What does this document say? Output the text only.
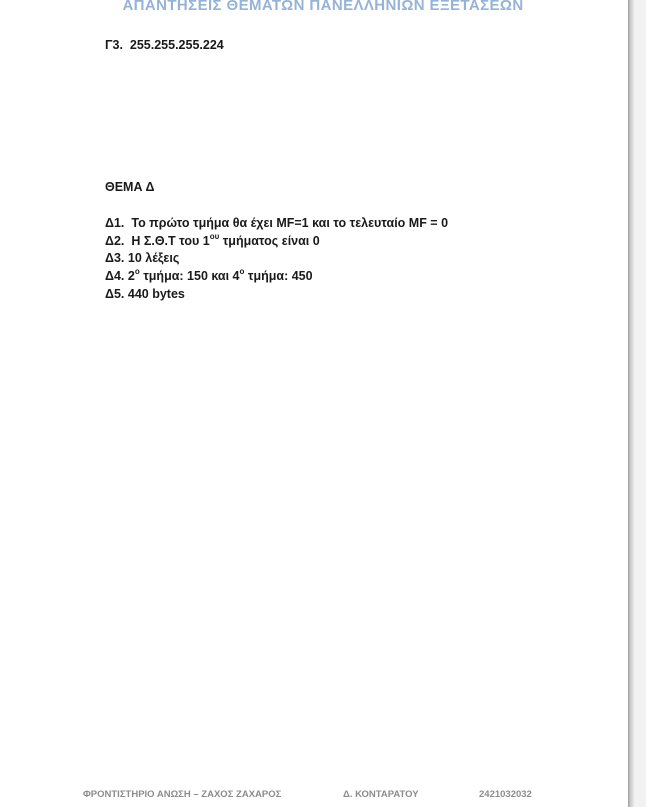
ΑΠΑΝΤΗΣΕΙΣ ΘΕΜΑΤΩΝ ΠΑΝΕΛΛΗΝΙΩΝ ΕΞΕΤΑΣΕΩΝ
Γ3.  255.255.255.224
ΘΕΜΑ Δ
Δ1.  Το πρώτο τμήμα θα έχει MF=1 και το τελευταίο MF = 0
Δ2.  Η Σ.Θ.Τ του $1^{o\upsilon}$ τμήματος είναι 0
Δ3. 10 λέξεις
Δ4. $2^o$ τμήμα: 150 και $4^o$ τμήμα: 450
Δ5. 440 bytes
ΦΡΟΝΤΙΣΤΗΡΙΟ ΑΝΩΣΗ – ΖΑΧΟΣ ΖΑΧΑΡΟΣ	Δ. ΚΟΝΤΑΡΑΤΟΥ	2421032032
